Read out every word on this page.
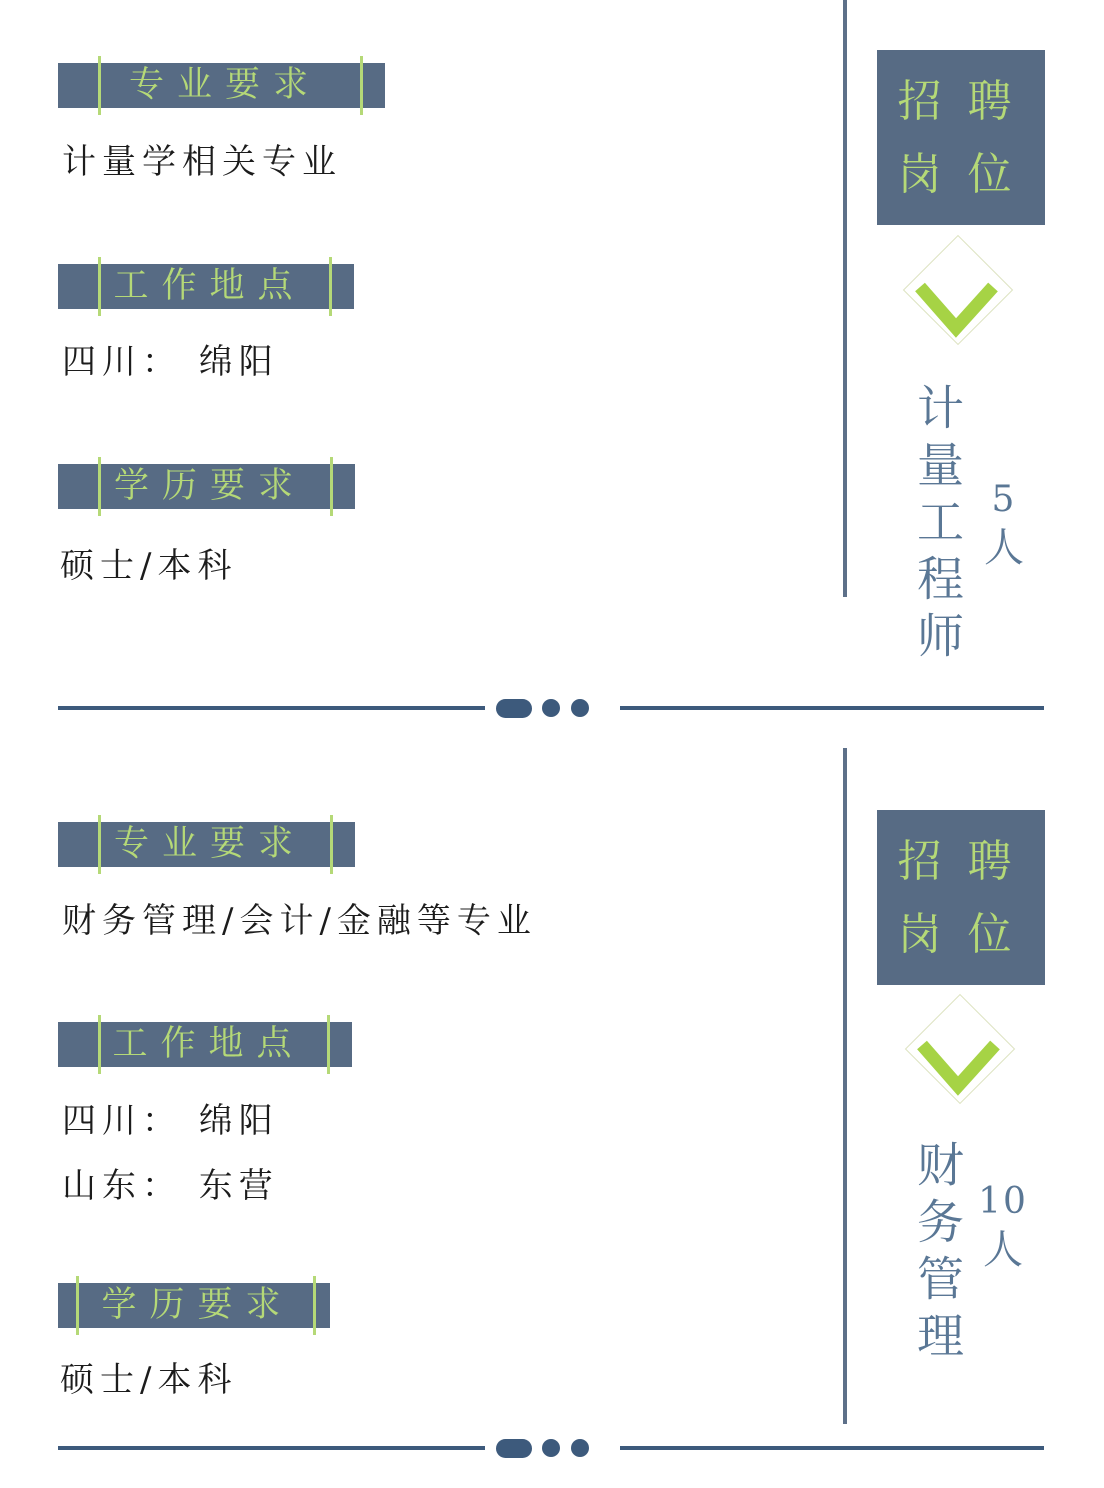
专业要求
计量学相关专业
工作地点
四川： 绵阳
学历要求
硕士/本科
招聘
岗位
计量工程师 5
人
专业要求
财务管理/会计/金融等专业
工作地点
四川： 绵阳
山东： 东营
学历要求
硕士/本科
招聘
岗位
财务管理 10
人
